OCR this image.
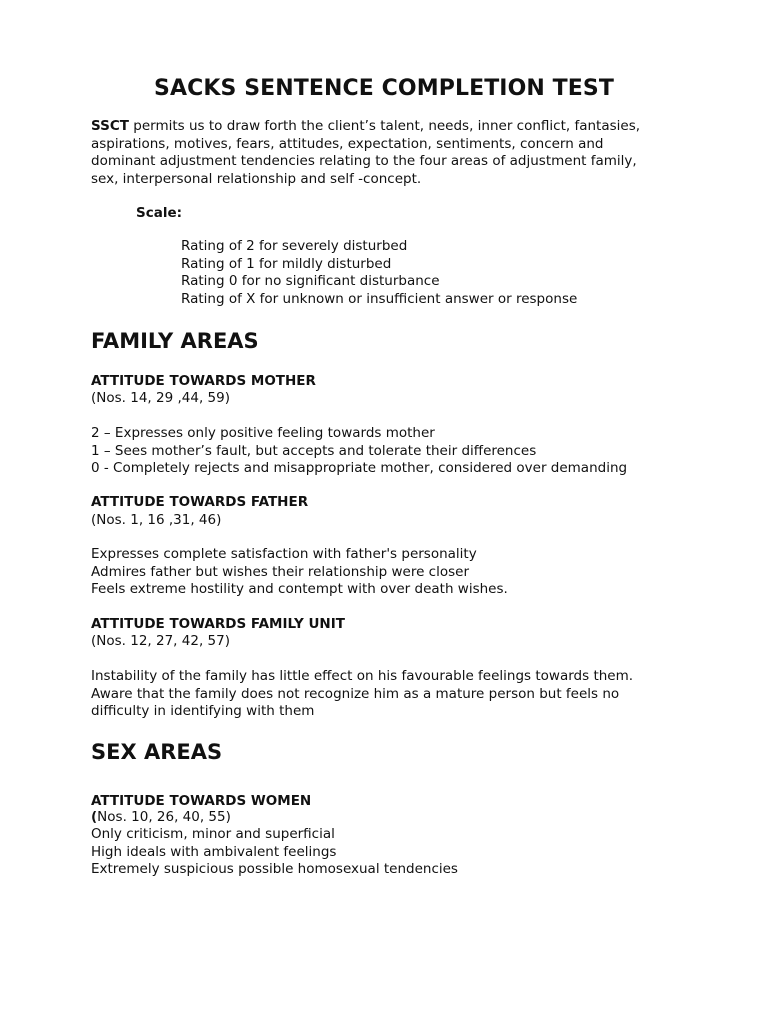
SACKS SENTENCE COMPLETION TEST
SSCT permits us to draw forth the client’s talent, needs, inner conflict, fantasies,
aspirations, motives, fears, attitudes, expectation, sentiments, concern and
dominant adjustment tendencies relating to the four areas of adjustment family,
sex, interpersonal relationship and self -concept.
Scale:
Rating of 2 for severely disturbed
Rating of 1 for mildly disturbed
Rating 0 for no significant disturbance
Rating of X for unknown or insufficient answer or response
FAMILY AREAS
ATTITUDE TOWARDS MOTHER
(Nos. 14, 29 ,44, 59)
2 – Expresses only positive feeling towards mother
1 – Sees mother’s fault, but accepts and tolerate their differences
0 - Completely rejects and misappropriate mother, considered over demanding
ATTITUDE TOWARDS FATHER
(Nos. 1, 16 ,31, 46)
Expresses complete satisfaction with father's personality
Admires father but wishes their relationship were closer
Feels extreme hostility and contempt with over death wishes.
ATTITUDE TOWARDS FAMILY UNIT
(Nos. 12, 27, 42, 57)
Instability of the family has little effect on his favourable feelings towards them.
Aware that the family does not recognize him as a mature person but feels no
difficulty in identifying with them
SEX AREAS
ATTITUDE TOWARDS WOMEN
(Nos. 10, 26, 40, 55)
Only criticism, minor and superficial
High ideals with ambivalent feelings
Extremely suspicious possible homosexual tendencies
